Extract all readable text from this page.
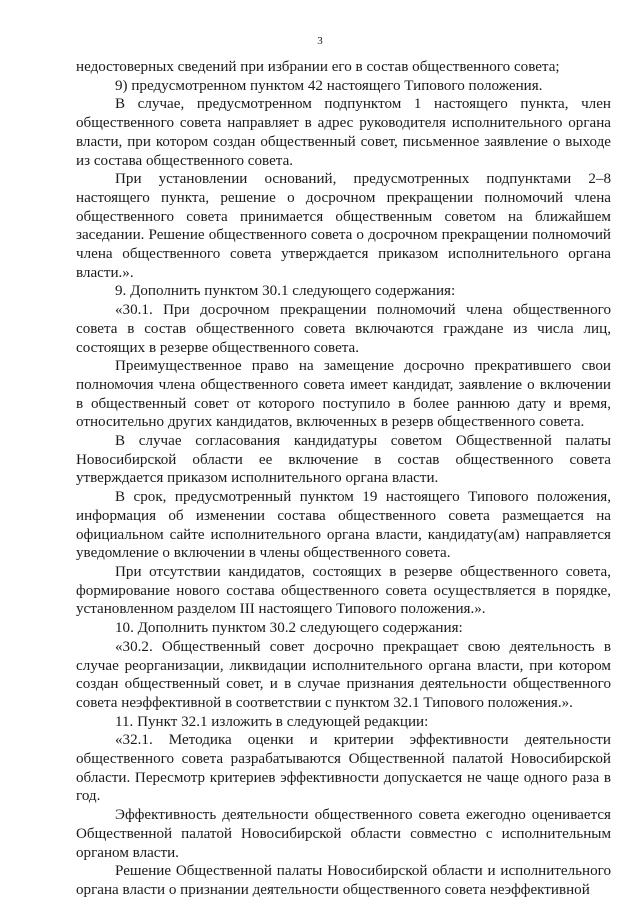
3

недостоверных сведений при избрании его в состав общественного совета;

9) предусмотренном пунктом 42 настоящего Типового положения.

В случае, предусмотренном подпунктом 1 настоящего пункта, член общественного совета направляет в адрес руководителя исполнительного органа власти, при котором создан общественный совет, письменное заявление о выходе из состава общественного совета.

При установлении оснований, предусмотренных подпунктами 2–8 настоящего пункта, решение о досрочном прекращении полномочий члена общественного совета принимается общественным советом на ближайшем заседании. Решение общественного совета о досрочном прекращении полномочий члена общественного совета утверждается приказом исполнительного органа власти.».

9. Дополнить пунктом 30.1 следующего содержания:

«30.1. При досрочном прекращении полномочий члена общественного совета в состав общественного совета включаются граждане из числа лиц, состоящих в резерве общественного совета.

Преимущественное право на замещение досрочно прекратившего свои полномочия члена общественного совета имеет кандидат, заявление о включении в общественный совет от которого поступило в более раннюю дату и время, относительно других кандидатов, включенных в резерв общественного совета.

В случае согласования кандидатуры советом Общественной палаты Новосибирской области ее включение в состав общественного совета утверждается приказом исполнительного органа власти.

В срок, предусмотренный пунктом 19 настоящего Типового положения, информация об изменении состава общественного совета размещается на официальном сайте исполнительного органа власти, кандидату(ам) направляется уведомление о включении в члены общественного совета.

При отсутствии кандидатов, состоящих в резерве общественного совета, формирование нового состава общественного совета осуществляется в порядке, установленном разделом III настоящего Типового положения.».

10. Дополнить пунктом 30.2 следующего содержания:

«30.2. Общественный совет досрочно прекращает свою деятельность в случае реорганизации, ликвидации исполнительного органа власти, при котором создан общественный совет, и в случае признания деятельности общественного совета неэффективной в соответствии с пунктом 32.1 Типового положения.».

11. Пункт 32.1 изложить в следующей редакции:

«32.1. Методика оценки и критерии эффективности деятельности общественного совета разрабатываются Общественной палатой Новосибирской области. Пересмотр критериев эффективности допускается не чаще одного раза в год.

Эффективность деятельности общественного совета ежегодно оценивается Общественной палатой Новосибирской области совместно с исполнительным органом власти.

Решение Общественной палаты Новосибирской области и исполнительного органа власти о признании деятельности общественного совета неэффективной
